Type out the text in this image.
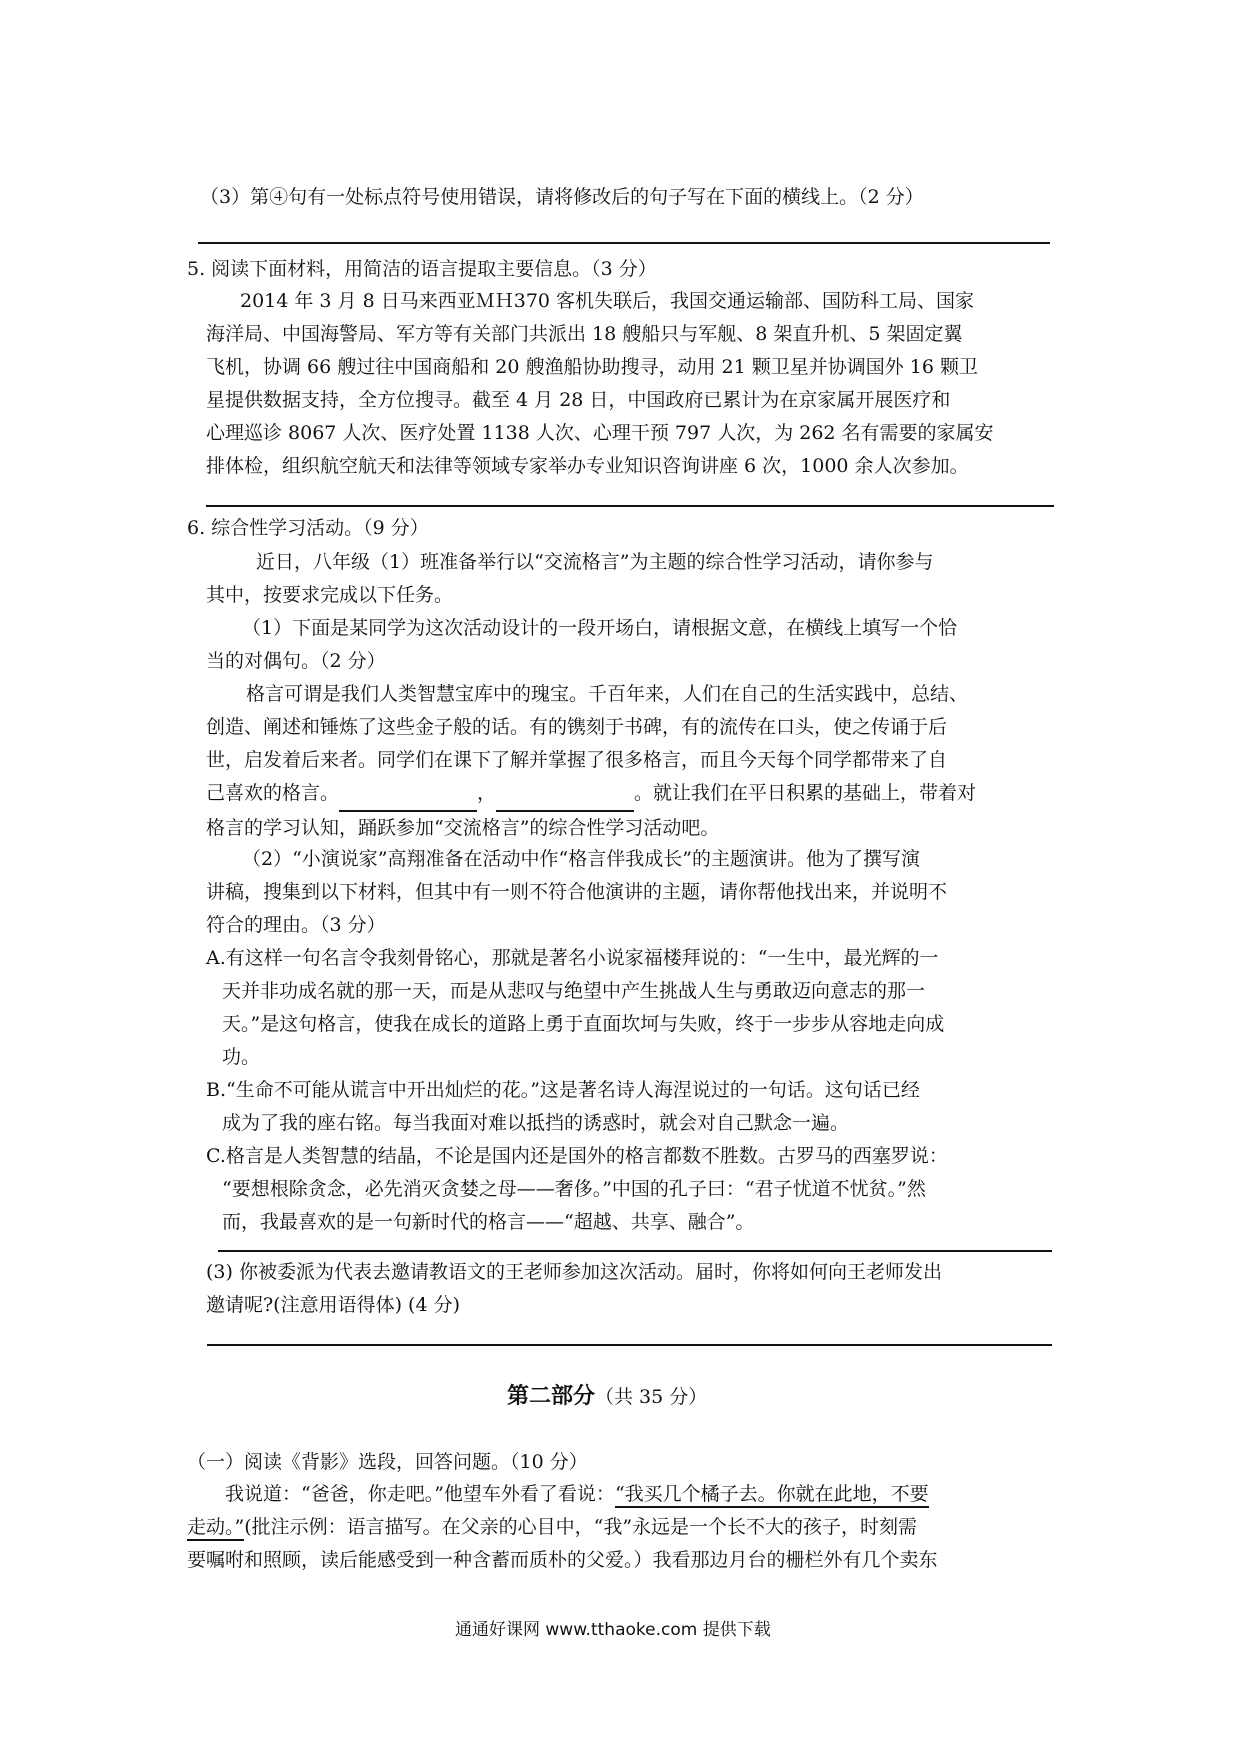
（3）第④句有一处标点符号使用错误，请将修改后的句子写在下面的横线上。（2 分）
5. 阅读下面材料，用简洁的语言提取主要信息。（3 分）
2014 年 3 月 8 日马来西亚ＭＨ370 客机失联后，我国交通运输部、国防科工局、国家
海洋局、中国海警局、军方等有关部门共派出 18 艘船只与军舰、8 架直升机、5 架固定翼
飞机，协调 66 艘过往中国商船和 20 艘渔船协助搜寻，动用 21 颗卫星并协调国外 16 颗卫
星提供数据支持，全方位搜寻。截至 4 月 28 日，中国政府已累计为在京家属开展医疗和
心理巡诊 8067 人次、医疗处置 1138 人次、心理干预 797 人次，为 262 名有需要的家属安
排体检，组织航空航天和法律等领域专家举办专业知识咨询讲座 6 次，1000 余人次参加。
6. 综合性学习活动。（9 分）
近日，八年级（1）班准备举行以“交流格言”为主题的综合性学习活动，请你参与
其中，按要求完成以下任务。
（1）下面是某同学为这次活动设计的一段开场白，请根据文意，在横线上填写一个恰
当的对偶句。（2 分）
格言可谓是我们人类智慧宝库中的瑰宝。千百年来，人们在自己的生活实践中，总结、
创造、阐述和锤炼了这些金子般的话。有的镌刻于书碑，有的流传在口头，使之传诵于后
世，启发着后来者。同学们在课下了解并掌握了很多格言，而且今天每个同学都带来了自
己喜欢的格言。	，	。就让我们在平日积累的基础上，带着对
格言的学习认知，踊跃参加“交流格言”的综合性学习活动吧。
（2）“小演说家”高翔准备在活动中作“格言伴我成长”的主题演讲。他为了撰写演
讲稿，搜集到以下材料，但其中有一则不符合他演讲的主题，请你帮他找出来，并说明不
符合的理由。（3 分）
A.有这样一句名言令我刻骨铭心，那就是著名小说家福楼拜说的：“一生中，最光辉的一
天并非功成名就的那一天，而是从悲叹与绝望中产生挑战人生与勇敢迈向意志的那一
天。”是这句格言，使我在成长的道路上勇于直面坎坷与失败，终于一步步从容地走向成
功。
B.“生命不可能从谎言中开出灿烂的花。”这是著名诗人海涅说过的一句话。这句话已经
成为了我的座右铭。每当我面对难以抵挡的诱惑时，就会对自己默念一遍。
C.格言是人类智慧的结晶，不论是国内还是国外的格言都数不胜数。古罗马的西塞罗说：
“要想根除贪念，必先消灭贪婪之母——奢侈。”中国的孔子曰：“君子忧道不忧贫。”然
而，我最喜欢的是一句新时代的格言——“超越、共享、融合”。
(3) 你被委派为代表去邀请教语文的王老师参加这次活动。届时，你将如何向王老师发出
邀请呢?(注意用语得体) (4 分)
第二部分（共 35 分）
（一）阅读《背影》选段，回答问题。（10 分）
我说道：“爸爸，你走吧。”他望车外看了看说：“我买几个橘子去。你就在此地，不要
走动。”(批注示例：语言描写。在父亲的心目中，“我”永远是一个长不大的孩子，时刻需
要嘱咐和照顾，读后能感受到一种含蓄而质朴的父爱。）我看那边月台的栅栏外有几个卖东
通通好课网 www.tthaoke.com 提供下载
